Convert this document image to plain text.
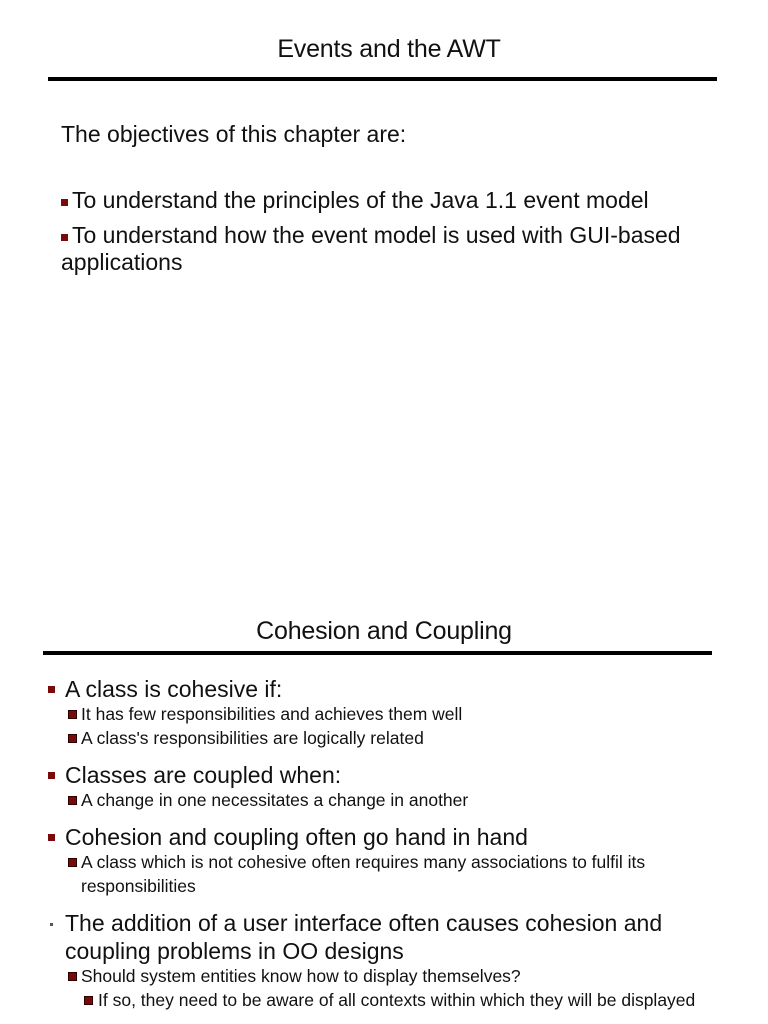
Events and the AWT
The objectives of this chapter are:
To understand the principles of the Java 1.1 event model
To understand how the event model is used with GUI-based applications
Cohesion and Coupling
A class is cohesive if:
It has few responsibilities and achieves them well
A class's responsibilities are logically related
Classes are coupled when:
A change in one necessitates a change in another
Cohesion and coupling often go hand in hand
A class which is not cohesive often requires many associations to fulfil its responsibilities
The addition of a user interface often causes cohesion and coupling problems in OO designs
Should system entities know how to display themselves?
If so, they need to be aware of all contexts within which they will be displayed
